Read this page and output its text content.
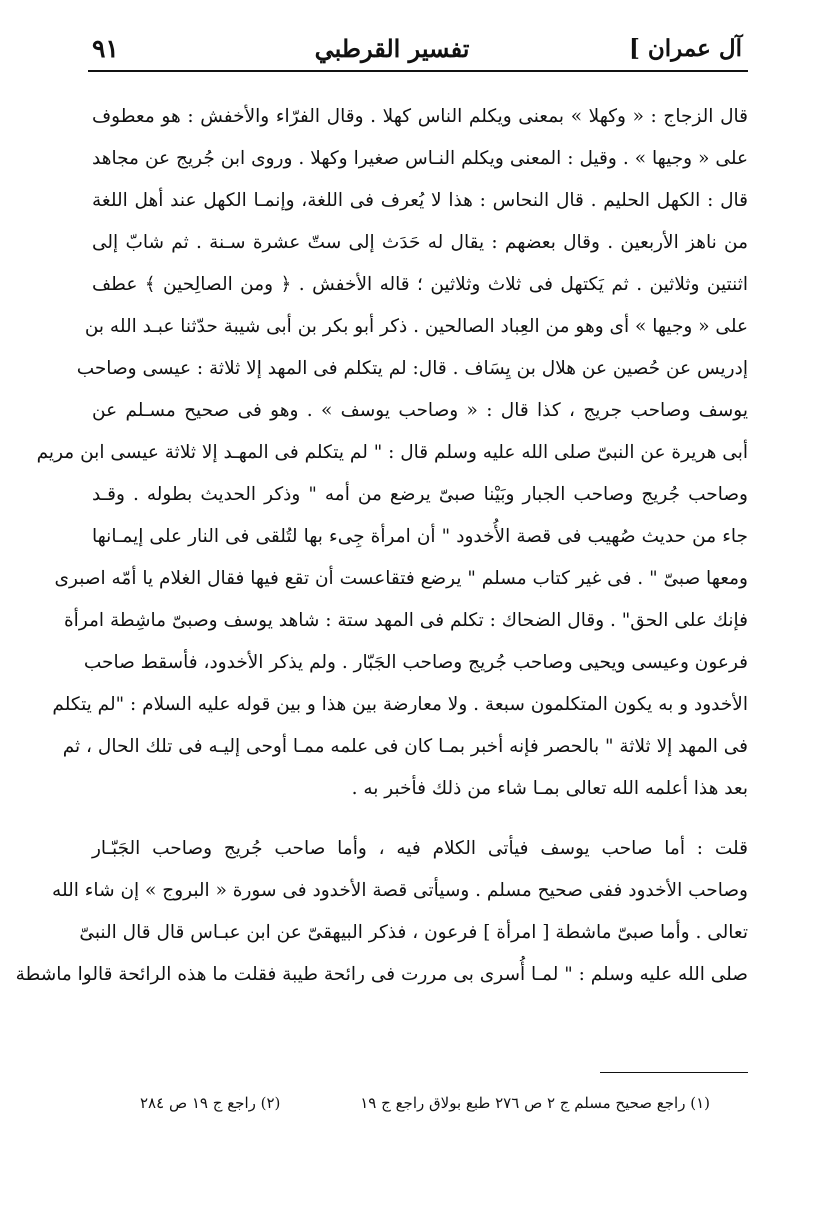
٩١	تفسير القرطبي	آل عمران ]
قال الزجاج : « وكهلا » بمعنى ويكلم الناس كهلا . وقال الفرّاء والأخفش : هو معطوف
على « وجيها » . وقيل : المعنى ويكلم النـاس صغيرا وكهلا . وروى ابن جُريج عن مجاهد
قال : الكهل الحليم . قال النحاس : هذا لا يُعرف فى اللغة، وإنمـا الكهل عند أهل اللغة
من ناهز الأربعين . وقال بعضهم : يقال له حَدَث إلى ستّ عشرة سـنة . ثم شابّ إلى
اثنتين وثلاثين . ثم يَكتهل فى ثلاث وثلاثين ؛ قاله الأخفش . ﴿ ومن الصالِحين ﴾ عطف
على « وجيها » أى وهو من العِباد الصالحين . ذكر أبو بكر بن أبى شيبة حدّثنا عبـد الله بن
إدريس عن حُصين عن هلال بن يِسَاف . قال: لم يتكلم فى المهد إلا ثلاثة : عيسى وصاحب
يوسف وصاحب جريج ، كذا قال : « وصاحب يوسف » . وهو فى صحيح مسـلم عن
أبى هريرة عن النبىّ صلى الله عليه وسلم قال : " لم يتكلم فى المهـد إلا ثلاثة عيسى ابن مريم
وصاحب جُريج وصاحب الجبار وبَيْنا صبىّ يرضع من أمه " وذكر الحديث بطوله . وقـد
جاء من حديث صُهيب فى قصة الأُخدود " أن امرأة جِىء بها لتُلقى فى النار على إيمـانها
ومعها صبىّ " . فى غير كتاب مسلم " يرضع فتقاعست أن تقع فيها فقال الغلام يا أمّه اصبرى
فإنك على الحق" . وقال الضحاك : تكلم فى المهد ستة : شاهد يوسف وصبىّ ماشِطة امرأة
فرعون وعيسى ويحيى وصاحب جُريج وصاحب الجَبّار . ولم يذكر الأخدود، فأسقط صاحب
الأخدود و به يكون المتكلمون سبعة . ولا معارضة بين هذا و بين قوله عليه السلام : "لم يتكلم
فى المهد إلا ثلاثة " بالحصر فإنه أخبر بمـا كان فى علمه ممـا أوحى إليـه فى تلك الحال ، ثم
بعد هذا أعلمه الله تعالى بمـا شاء من ذلك فأخبر به .
قلت : أما صاحب يوسف فيأتى الكلام فيه ، وأما صاحب جُريج وصاحب الجَبّـار
وصاحب الأخدود ففى صحيح مسلم . وسيأتى قصة الأخدود فى سورة « البروج » إن شاء الله
تعالى . وأما صبىّ ماشطة [ امرأة ] فرعون ، فذكر البيهقىّ عن ابن عبـاس قال قال النبىّ
صلى الله عليه وسلم : " لمـا أُسرى بى مررت فى رائحة طيبة فقلت ما هذه الرائحة قالوا ماشطة
(١) راجع صحيح مسلم ج ٢ ص ٢٧٦ طبع بولاق راجع ج ١٩
(٢) راجع ج ١٩ ص ٢٨٤
